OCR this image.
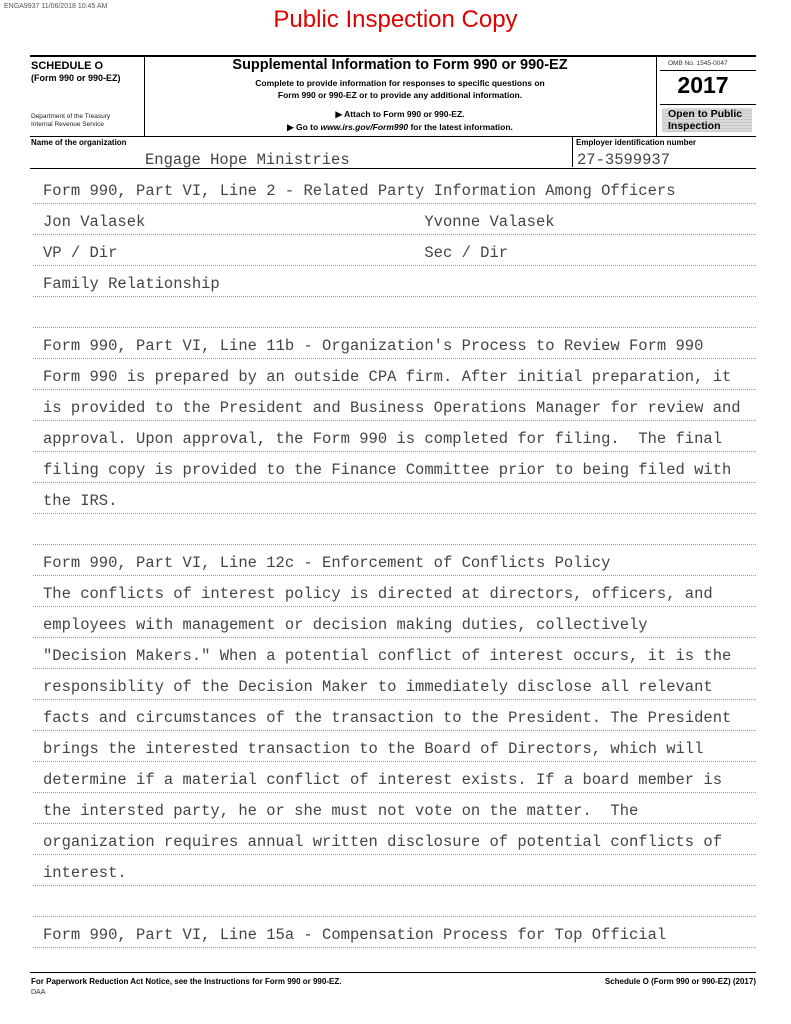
ENGA9937 11/06/2018 10:45 AM	Public Inspection Copy
SCHEDULE O
(Form 990 or 990-EZ)
Department of the Treasury
Internal Revenue Service
Supplemental Information to Form 990 or 990-EZ
Complete to provide information for responses to specific questions on
Form 990 or 990-EZ or to provide any additional information.
▶ Attach to Form 990 or 990-EZ.
▶ Go to www.irs.gov/Form990 for the latest information.
OMB No. 1545-0047
2017
Open to Public
Inspection
Name of the organization	Employer identification number
Engage Hope Ministries	27-3599937
Form 990, Part VI, Line 2 - Related Party Information Among Officers
Jon Valasek                              Yvonne Valasek
VP / Dir                                 Sec / Dir
Family Relationship
Form 990, Part VI, Line 11b - Organization's Process to Review Form 990
Form 990 is prepared by an outside CPA firm. After initial preparation, it
is provided to the President and Business Operations Manager for review and
approval. Upon approval, the Form 990 is completed for filing.  The final
filing copy is provided to the Finance Committee prior to being filed with
the IRS.
Form 990, Part VI, Line 12c - Enforcement of Conflicts Policy
The conflicts of interest policy is directed at directors, officers, and
employees with management or decision making duties, collectively
"Decision Makers." When a potential conflict of interest occurs, it is the
responsiblity of the Decision Maker to immediately disclose all relevant
facts and circumstances of the transaction to the President. The President
brings the interested transaction to the Board of Directors, which will
determine if a material conflict of interest exists. If a board member is
the intersted party, he or she must not vote on the matter.  The
organization requires annual written disclosure of potential conflicts of
interest.
Form 990, Part VI, Line 15a - Compensation Process for Top Official
For Paperwork Reduction Act Notice, see the Instructions for Form 990 or 990-EZ.	Schedule O (Form 990 or 990-EZ) (2017)
DAA
